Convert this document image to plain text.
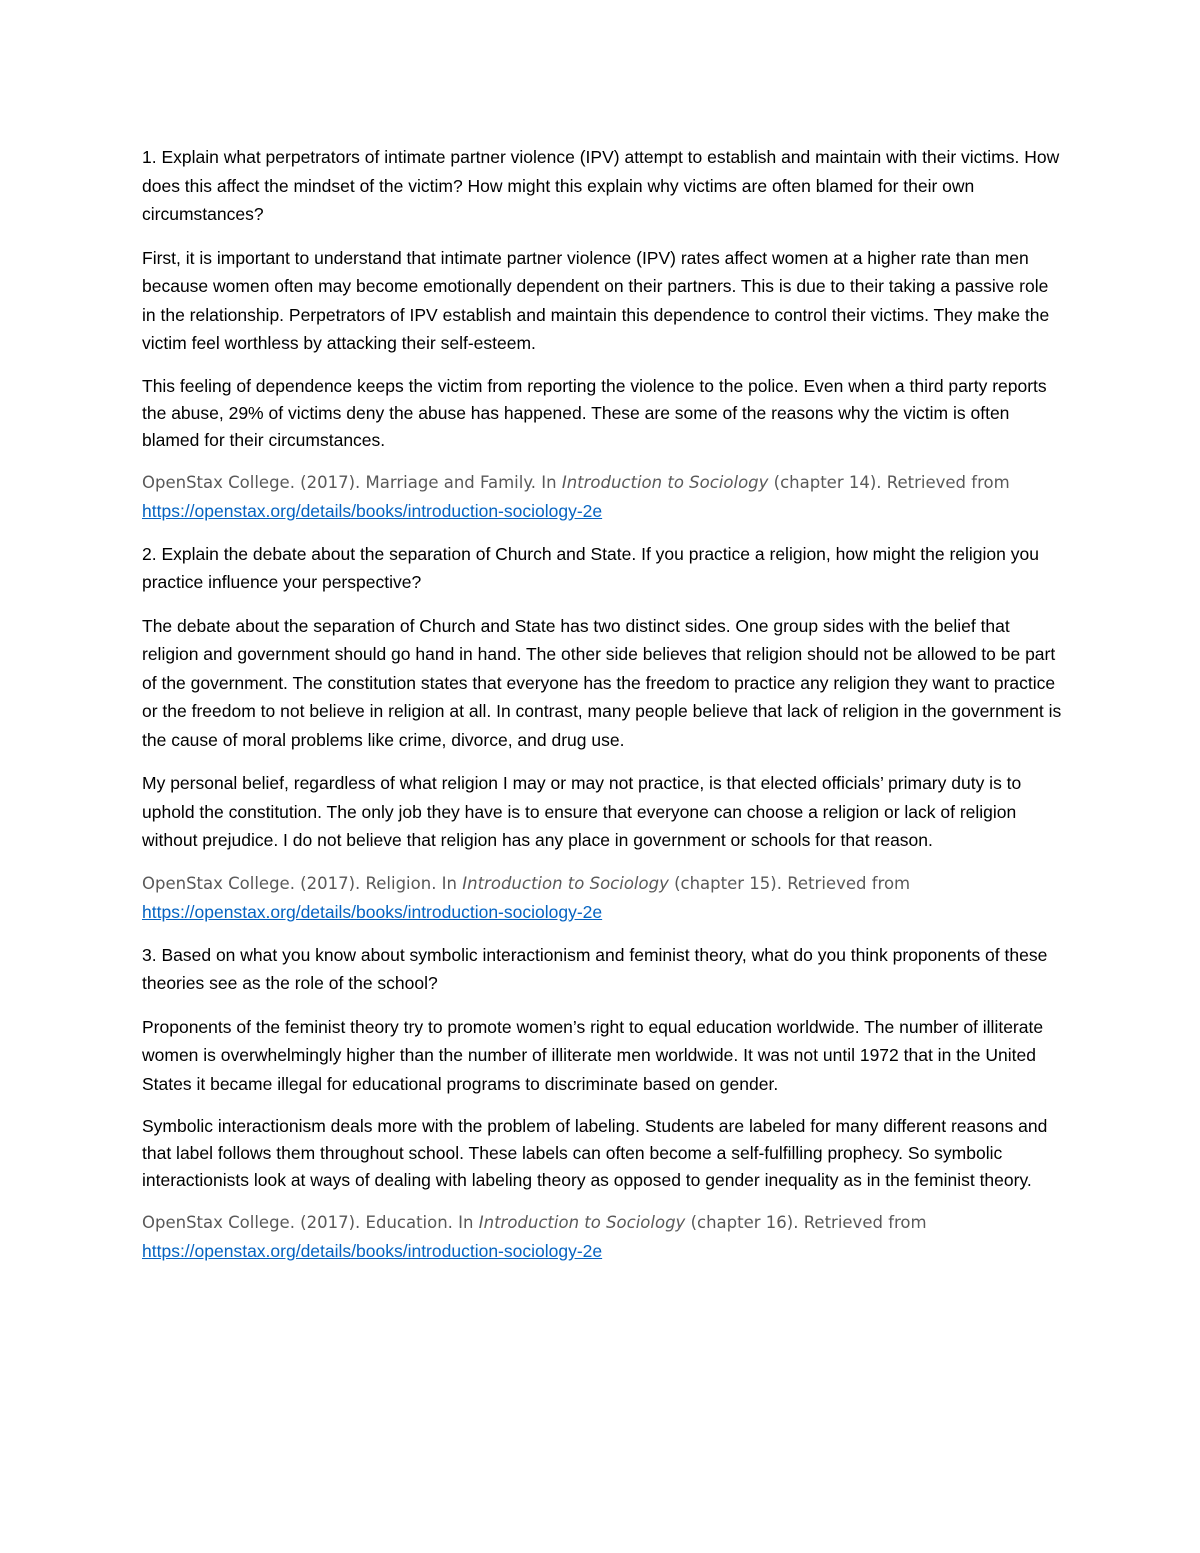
1. Explain what perpetrators of intimate partner violence (IPV) attempt to establish and maintain with their victims. How does this affect the mindset of the victim? How might this explain why victims are often blamed for their own circumstances?

First, it is important to understand that intimate partner violence (IPV) rates affect women at a higher rate than men because women often may become emotionally dependent on their partners. This is due to their taking a passive role in the relationship. Perpetrators of IPV establish and maintain this dependence to control their victims. They make the victim feel worthless by attacking their self-esteem.

This feeling of dependence keeps the victim from reporting the violence to the police. Even when a third party reports the abuse, 29% of victims deny the abuse has happened. These are some of the reasons why the victim is often blamed for their circumstances.

OpenStax College. (2017). Marriage and Family. In Introduction to Sociology (chapter 14). Retrieved from https://openstax.org/details/books/introduction-sociology-2e

2. Explain the debate about the separation of Church and State. If you practice a religion, how might the religion you practice influence your perspective?

The debate about the separation of Church and State has two distinct sides. One group sides with the belief that religion and government should go hand in hand. The other side believes that religion should not be allowed to be part of the government. The constitution states that everyone has the freedom to practice any religion they want to practice or the freedom to not believe in religion at all. In contrast, many people believe that lack of religion in the government is the cause of moral problems like crime, divorce, and drug use.

My personal belief, regardless of what religion I may or may not practice, is that elected officials’ primary duty is to uphold the constitution. The only job they have is to ensure that everyone can choose a religion or lack of religion without prejudice. I do not believe that religion has any place in government or schools for that reason.

OpenStax College. (2017). Religion. In Introduction to Sociology (chapter 15). Retrieved from https://openstax.org/details/books/introduction-sociology-2e

3. Based on what you know about symbolic interactionism and feminist theory, what do you think proponents of these theories see as the role of the school?

Proponents of the feminist theory try to promote women’s right to equal education worldwide. The number of illiterate women is overwhelmingly higher than the number of illiterate men worldwide. It was not until 1972 that in the United States it became illegal for educational programs to discriminate based on gender.

Symbolic interactionism deals more with the problem of labeling. Students are labeled for many different reasons and that label follows them throughout school. These labels can often become a self-fulfilling prophecy. So symbolic interactionists look at ways of dealing with labeling theory as opposed to gender inequality as in the feminist theory.

OpenStax College. (2017). Education. In Introduction to Sociology (chapter 16). Retrieved from https://openstax.org/details/books/introduction-sociology-2e
